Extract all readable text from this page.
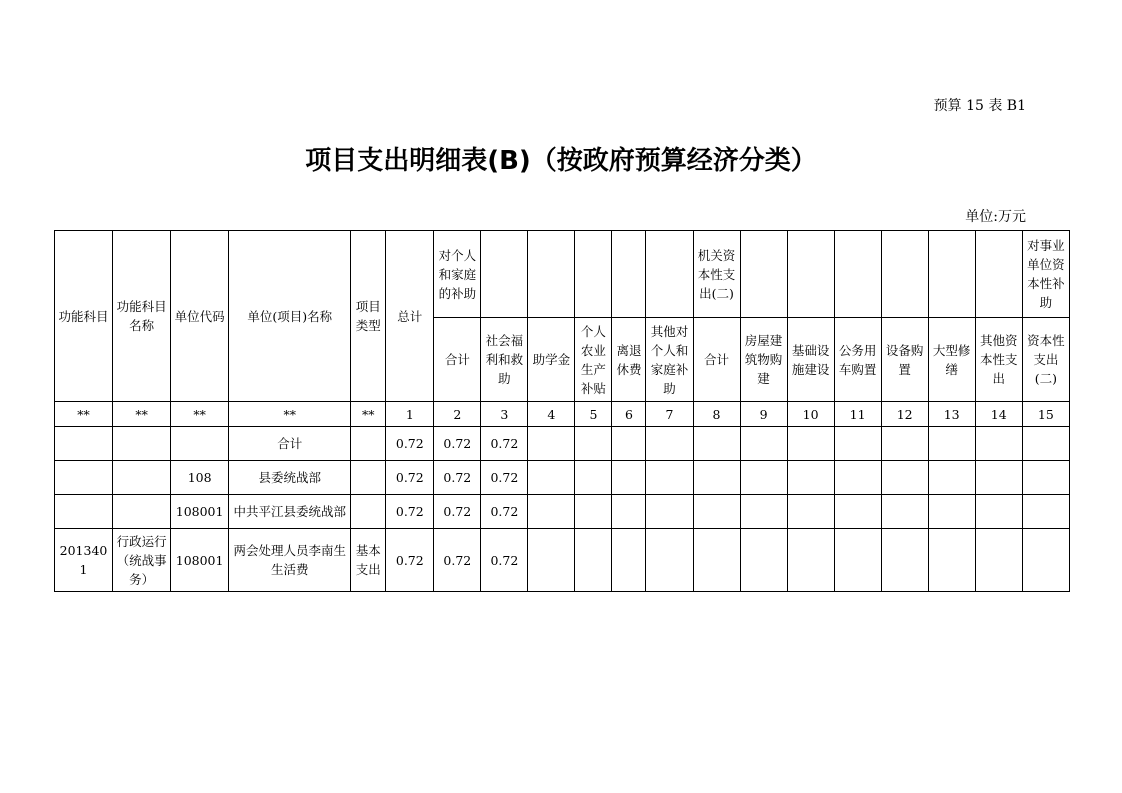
预算 15 表 B1
项目支出明细表(B)（按政府预算经济分类）
单位:万元
功能科目	功能科目名称	单位代码	单位(项目)名称	项目类型	总计	对个人和家庭的补助						机关资本性支出(二)							对事业单位资本性补助
						合计	社会福利和救助	助学金	个人农业生产补贴	离退休费	其他对个人和家庭补助	合计	房屋建筑物购建	基础设施建设	公务用车购置	设备购置	大型修缮	其他资本性支出	资本性支出(二)
**	**	**	**	**	1	2	3	4	5	6	7	8	9	10	11	12	13	14	15
			合计		0.72	0.72	0.72												
		108	县委统战部		0.72	0.72	0.72												
		108001	中共平江县委统战部		0.72	0.72	0.72												
2013401	行政运行（统战事务）	108001	两会处理人员李南生生活费	基本支出	0.72	0.72	0.72												
